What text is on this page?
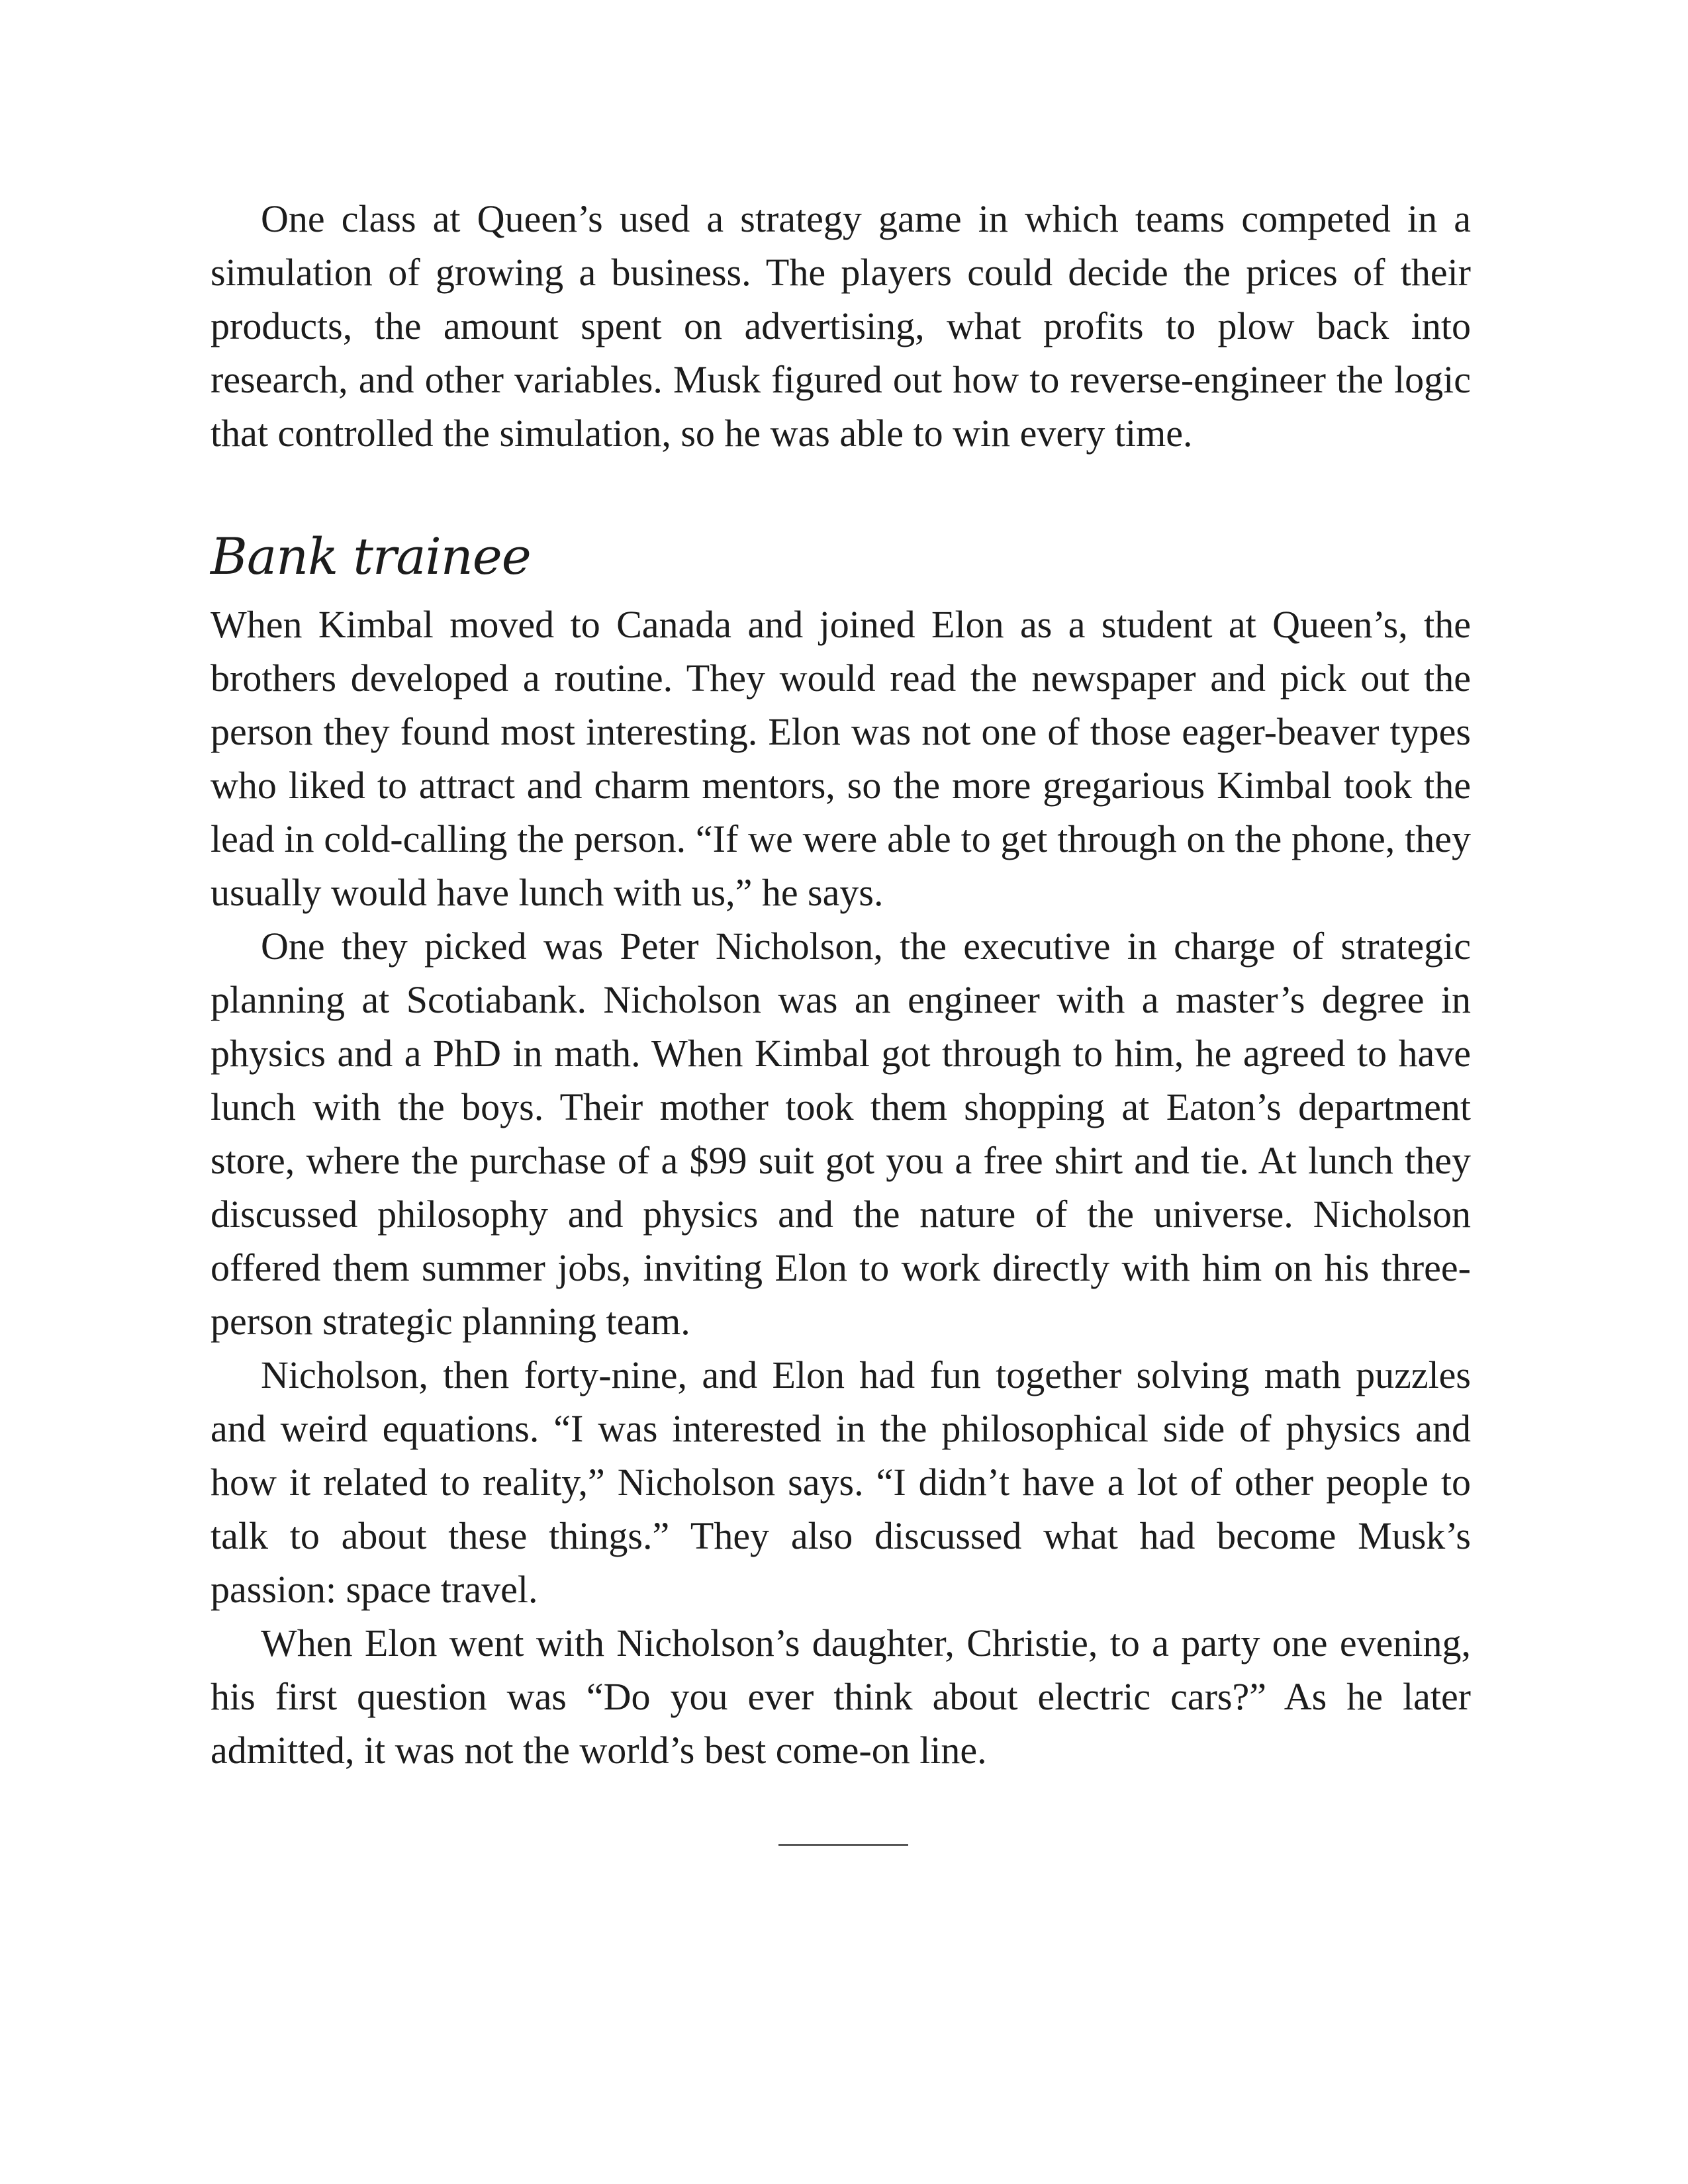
One class at Queen’s used a strategy game in which teams competed in a simulation of growing a business. The players could decide the prices of their products, the amount spent on advertising, what profits to plow back into research, and other variables. Musk figured out how to reverse-engineer the logic that controlled the simulation, so he was able to win every time.

Bank trainee

When Kimbal moved to Canada and joined Elon as a student at Queen’s, the brothers developed a routine. They would read the newspaper and pick out the person they found most interesting. Elon was not one of those eager-beaver types who liked to attract and charm mentors, so the more gregarious Kimbal took the lead in cold-calling the person. “If we were able to get through on the phone, they usually would have lunch with us,” he says.

One they picked was Peter Nicholson, the executive in charge of strategic planning at Scotiabank. Nicholson was an engineer with a master’s degree in physics and a PhD in math. When Kimbal got through to him, he agreed to have lunch with the boys. Their mother took them shopping at Eaton’s department store, where the purchase of a $99 suit got you a free shirt and tie. At lunch they discussed philosophy and physics and the nature of the universe. Nicholson offered them summer jobs, inviting Elon to work directly with him on his three-person strategic planning team.

Nicholson, then forty-nine, and Elon had fun together solving math puzzles and weird equations. “I was interested in the philosophical side of physics and how it related to reality,” Nicholson says. “I didn’t have a lot of other people to talk to about these things.” They also discussed what had become Musk’s passion: space travel.

When Elon went with Nicholson’s daughter, Christie, to a party one evening, his first question was “Do you ever think about electric cars?” As he later admitted, it was not the world’s best come-on line.
